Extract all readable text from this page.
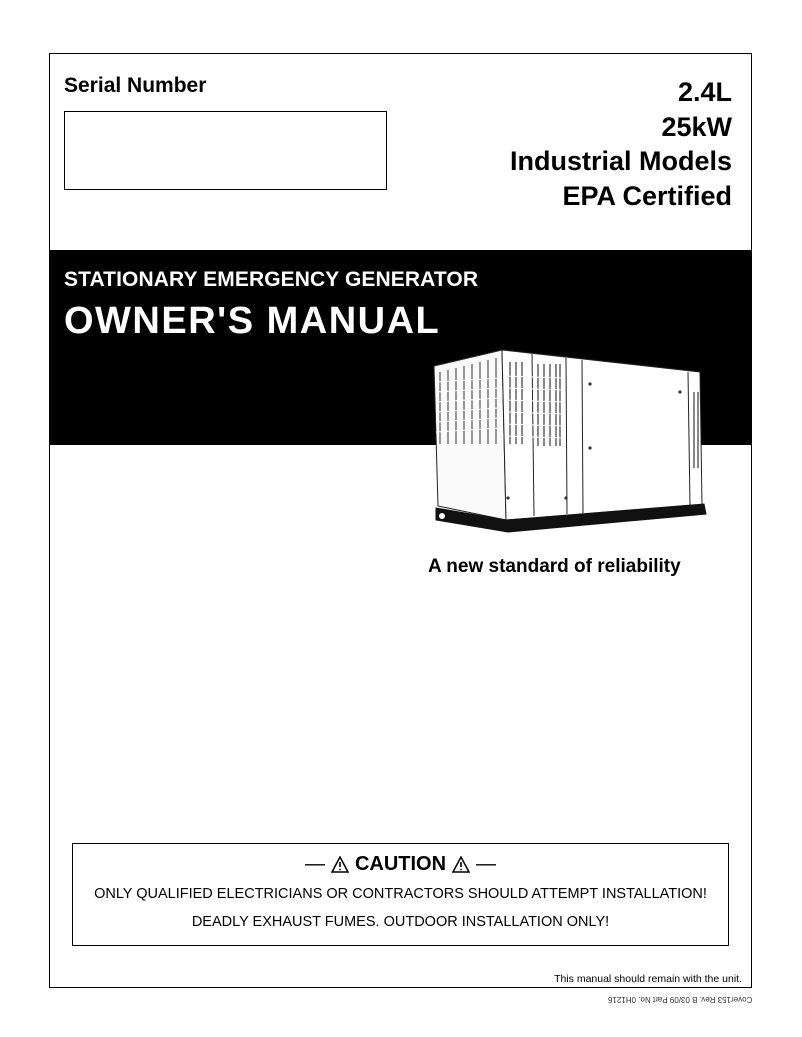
Serial Number	2.4L
25kW
Industrial Models
EPA Certified
STATIONARY EMERGENCY GENERATOR
OWNER'S MANUAL
A new standard of reliability
— CAUTION —
ONLY QUALIFIED ELECTRICIANS OR CONTRACTORS SHOULD ATTEMPT INSTALLATION!
DEADLY EXHAUST FUMES. OUTDOOR INSTALLATION ONLY!
This manual should remain with the unit.
Cover153 Rev. B 03/09 Part No. 0H1216
